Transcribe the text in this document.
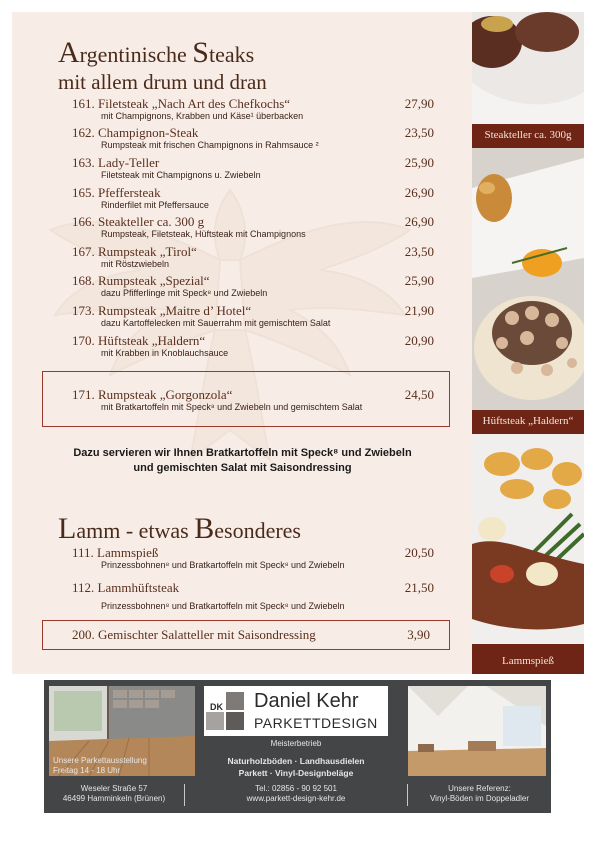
Steakteller ca. 300g
Hüftsteak „Haldern“
Lammspieß
Argentinische Steaks
mit allem drum und dran
161. Filetsteak „Nach Art des Chefkochs“	27,90
mit Champignons, Krabben und Käse¹ überbacken
162. Champignon-Steak	23,50
Rumpsteak mit frischen Champignons in Rahmsauce ²
163. Lady-Teller	25,90
Filetsteak mit Champignons u. Zwiebeln
165. Pfeffersteak	26,90
Rinderfilet mit Pfeffersauce
166. Steakteller ca. 300 g	26,90
Rumpsteak, Filetsteak, Hüftsteak mit Champignons
167. Rumpsteak „Tirol“	23,50
mit Röstzwiebeln
168. Rumpsteak „Spezial“	25,90
dazu Pfifferlinge mit Speck⁸ und Zwiebeln
173. Rumpsteak „Maitre d’ Hotel“	21,90
dazu Kartoffelecken mit Sauerrahm mit gemischtem Salat
170. Hüftsteak „Haldern“	20,90
mit Krabben in Knoblauchsauce
171. Rumpsteak „Gorgonzola“	24,50
mit Bratkartoffeln mit Speck⁸ und Zwiebeln und gemischtem Salat
Dazu servieren wir Ihnen Bratkartoffeln mit Speck⁸ und Zwiebeln
und gemischten Salat mit Saisondressing
Lamm - etwas Besonderes
111. Lammspieß	20,50
Prinzessbohnen⁸ und Bratkartoffeln mit Speck⁸ und Zwiebeln
112. Lammhüftsteak	21,50
Prinzessbohnen⁸ und Bratkartoffeln mit Speck⁸ und Zwiebeln
200. Gemischter Salatteller mit Saisondressing	3,90
Unsere Parkettausstellung
Freitag 14 - 18 Uhr
DK Daniel Kehr
PARKETTDESIGN
Meisterbetrieb
Naturholzböden · Landhausdielen
Parkett · Vinyl-Designbeläge
Weseler Straße 57
46499 Hamminkeln (Brünen)
Tel.: 02856 - 90 92 501
www.parkett-design-kehr.de
Unsere Referenz:
Vinyl-Böden im Doppeladler
